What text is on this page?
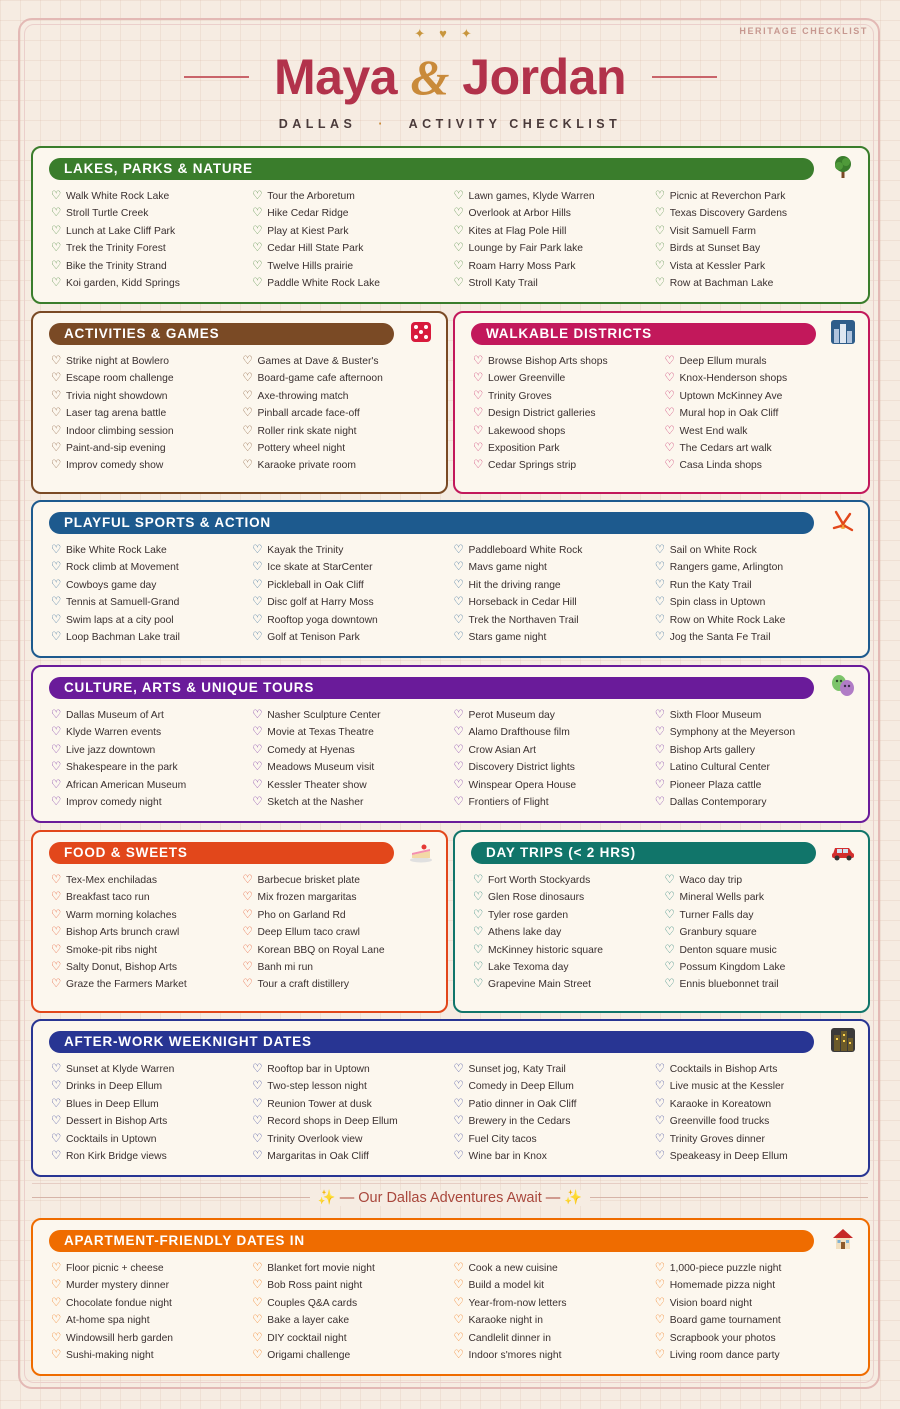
HERITAGE CHECKLIST
✦♥✦
Maya & Jordan
DALLAS · ACTIVITY CHECKLIST
LAKES, PARKS & NATURE
♡ Walk White Rock Lake
♡ Stroll Turtle Creek
♡ Lunch at Lake Cliff Park
♡ Trek the Trinity Forest
♡ Bike the Trinity Strand
♡ Koi garden, Kidd Springs
♡ Tour the Arboretum
♡ Hike Cedar Ridge
♡ Play at Kiest Park
♡ Cedar Hill State Park
♡ Twelve Hills prairie
♡ Paddle White Rock Lake
♡ Lawn games, Klyde Warren
♡ Overlook at Arbor Hills
♡ Kites at Flag Pole Hill
♡ Lounge by Fair Park lake
♡ Roam Harry Moss Park
♡ Stroll Katy Trail
♡ Picnic at Reverchon Park
♡ Texas Discovery Gardens
♡ Visit Samuell Farm
♡ Birds at Sunset Bay
♡ Vista at Kessler Park
♡ Row at Bachman Lake
ACTIVITIES & GAMES
♡ Strike night at Bowlero
♡ Escape room challenge
♡ Trivia night showdown
♡ Laser tag arena battle
♡ Indoor climbing session
♡ Paint-and-sip evening
♡ Improv comedy show
♡ Games at Dave & Buster's
♡ Board-game cafe afternoon
♡ Axe-throwing match
♡ Pinball arcade face-off
♡ Roller rink skate night
♡ Pottery wheel night
♡ Karaoke private room
WALKABLE DISTRICTS
♡ Browse Bishop Arts shops
♡ Lower Greenville
♡ Trinity Groves
♡ Design District galleries
♡ Lakewood shops
♡ Exposition Park
♡ Cedar Springs strip
♡ Deep Ellum murals
♡ Knox-Henderson shops
♡ Uptown McKinney Ave
♡ Mural hop in Oak Cliff
♡ West End walk
♡ The Cedars art walk
♡ Casa Linda shops
PLAYFUL SPORTS & ACTION
♡ Bike White Rock Lake
♡ Rock climb at Movement
♡ Cowboys game day
♡ Tennis at Samuell-Grand
♡ Swim laps at a city pool
♡ Loop Bachman Lake trail
♡ Kayak the Trinity
♡ Ice skate at StarCenter
♡ Pickleball in Oak Cliff
♡ Disc golf at Harry Moss
♡ Rooftop yoga downtown
♡ Golf at Tenison Park
♡ Paddleboard White Rock
♡ Mavs game night
♡ Hit the driving range
♡ Horseback in Cedar Hill
♡ Trek the Northaven Trail
♡ Stars game night
♡ Sail on White Rock
♡ Rangers game, Arlington
♡ Run the Katy Trail
♡ Spin class in Uptown
♡ Row on White Rock Lake
♡ Jog the Santa Fe Trail
CULTURE, ARTS & UNIQUE TOURS
♡ Dallas Museum of Art
♡ Klyde Warren events
♡ Live jazz downtown
♡ Shakespeare in the park
♡ African American Museum
♡ Improv comedy night
♡ Nasher Sculpture Center
♡ Movie at Texas Theatre
♡ Comedy at Hyenas
♡ Meadows Museum visit
♡ Kessler Theater show
♡ Sketch at the Nasher
♡ Perot Museum day
♡ Alamo Drafthouse film
♡ Crow Asian Art
♡ Discovery District lights
♡ Winspear Opera House
♡ Frontiers of Flight
♡ Sixth Floor Museum
♡ Symphony at the Meyerson
♡ Bishop Arts gallery
♡ Latino Cultural Center
♡ Pioneer Plaza cattle
♡ Dallas Contemporary
FOOD & SWEETS
♡ Tex-Mex enchiladas
♡ Breakfast taco run
♡ Warm morning kolaches
♡ Bishop Arts brunch crawl
♡ Smoke-pit ribs night
♡ Salty Donut, Bishop Arts
♡ Graze the Farmers Market
♡ Barbecue brisket plate
♡ Mix frozen margaritas
♡ Pho on Garland Rd
♡ Deep Ellum taco crawl
♡ Korean BBQ on Royal Lane
♡ Banh mi run
♡ Tour a craft distillery
DAY TRIPS (< 2 HRS)
♡ Fort Worth Stockyards
♡ Glen Rose dinosaurs
♡ Tyler rose garden
♡ Athens lake day
♡ McKinney historic square
♡ Lake Texoma day
♡ Grapevine Main Street
♡ Waco day trip
♡ Mineral Wells park
♡ Turner Falls day
♡ Granbury square
♡ Denton square music
♡ Possum Kingdom Lake
♡ Ennis bluebonnet trail
AFTER-WORK WEEKNIGHT DATES
♡ Sunset at Klyde Warren
♡ Drinks in Deep Ellum
♡ Blues in Deep Ellum
♡ Dessert in Bishop Arts
♡ Cocktails in Uptown
♡ Ron Kirk Bridge views
♡ Rooftop bar in Uptown
♡ Two-step lesson night
♡ Reunion Tower at dusk
♡ Record shops in Deep Ellum
♡ Trinity Overlook view
♡ Margaritas in Oak Cliff
♡ Sunset jog, Katy Trail
♡ Comedy in Deep Ellum
♡ Patio dinner in Oak Cliff
♡ Brewery in the Cedars
♡ Fuel City tacos
♡ Wine bar in Knox
♡ Cocktails in Bishop Arts
♡ Live music at the Kessler
♡ Karaoke in Koreatown
♡ Greenville food trucks
♡ Trinity Groves dinner
♡ Speakeasy in Deep Ellum
✨ — Our Dallas Adventures Await — ✨
APARTMENT-FRIENDLY DATES IN
♡ Floor picnic + cheese
♡ Murder mystery dinner
♡ Chocolate fondue night
♡ At-home spa night
♡ Windowsill herb garden
♡ Sushi-making night
♡ Blanket fort movie night
♡ Bob Ross paint night
♡ Couples Q&A cards
♡ Bake a layer cake
♡ DIY cocktail night
♡ Origami challenge
♡ Cook a new cuisine
♡ Build a model kit
♡ Year-from-now letters
♡ Karaoke night in
♡ Candlelit dinner in
♡ Indoor s'mores night
♡ 1,000-piece puzzle night
♡ Homemade pizza night
♡ Vision board night
♡ Board game tournament
♡ Scrapbook your photos
♡ Living room dance party
